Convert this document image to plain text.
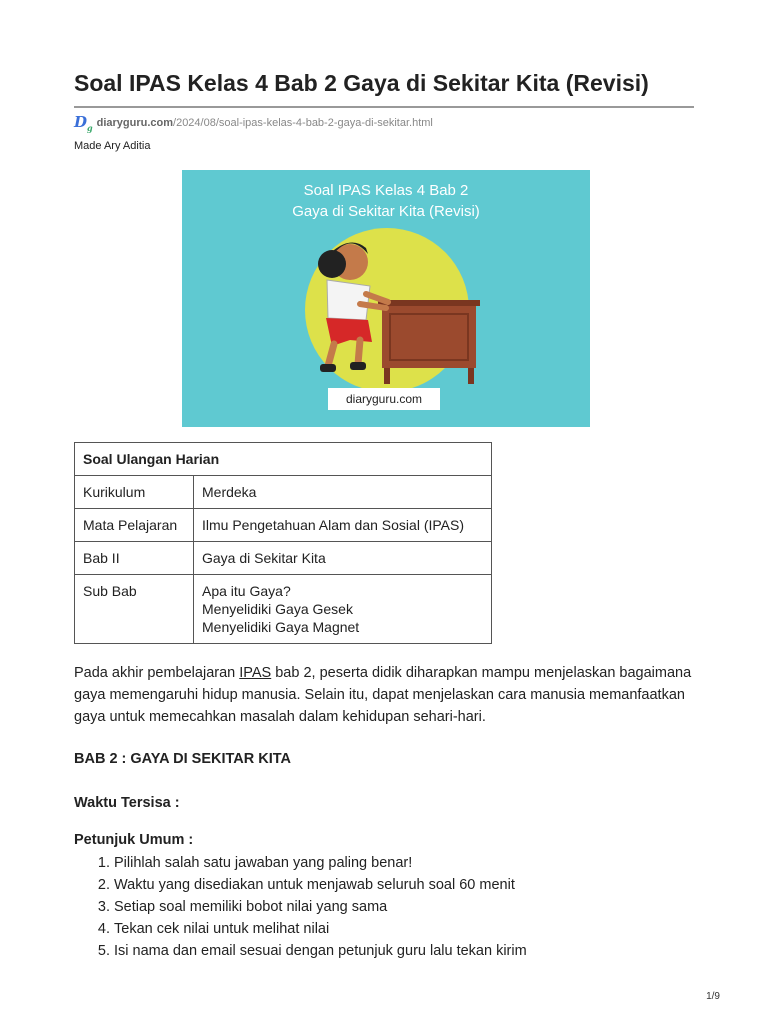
Soal IPAS Kelas 4 Bab 2 Gaya di Sekitar Kita (Revisi)
$D_g$ diaryguru.com/2024/08/soal-ipas-kelas-4-bab-2-gaya-di-sekitar.html
Made Ary Aditia
Soal IPAS Kelas 4 Bab 2
Gaya di Sekitar Kita (Revisi)
diaryguru.com
Soal Ulangan Harian	
Kurikulum	Merdeka
Mata Pelajaran	Ilmu Pengetahuan Alam dan Sosial (IPAS)
Bab II	Gaya di Sekitar Kita
Sub Bab	Apa itu Gaya?
Menyelidiki Gaya Gesek
Menyelidiki Gaya Magnet

Pada akhir pembelajaran IPAS bab 2, peserta didik diharapkan mampu menjelaskan bagaimana gaya memengaruhi hidup manusia. Selain itu, dapat menjelaskan cara manusia memanfaatkan gaya untuk memecahkan masalah dalam kehidupan sehari-hari.

BAB 2 : GAYA DI SEKITAR KITA
Waktu Tersisa :
Petunjuk Umum :
1. Pilihlah salah satu jawaban yang paling benar!
2. Waktu yang disediakan untuk menjawab seluruh soal 60 menit
3. Setiap soal memiliki bobot nilai yang sama
4. Tekan cek nilai untuk melihat nilai
5. Isi nama dan email sesuai dengan petunjuk guru lalu tekan kirim
1/9
